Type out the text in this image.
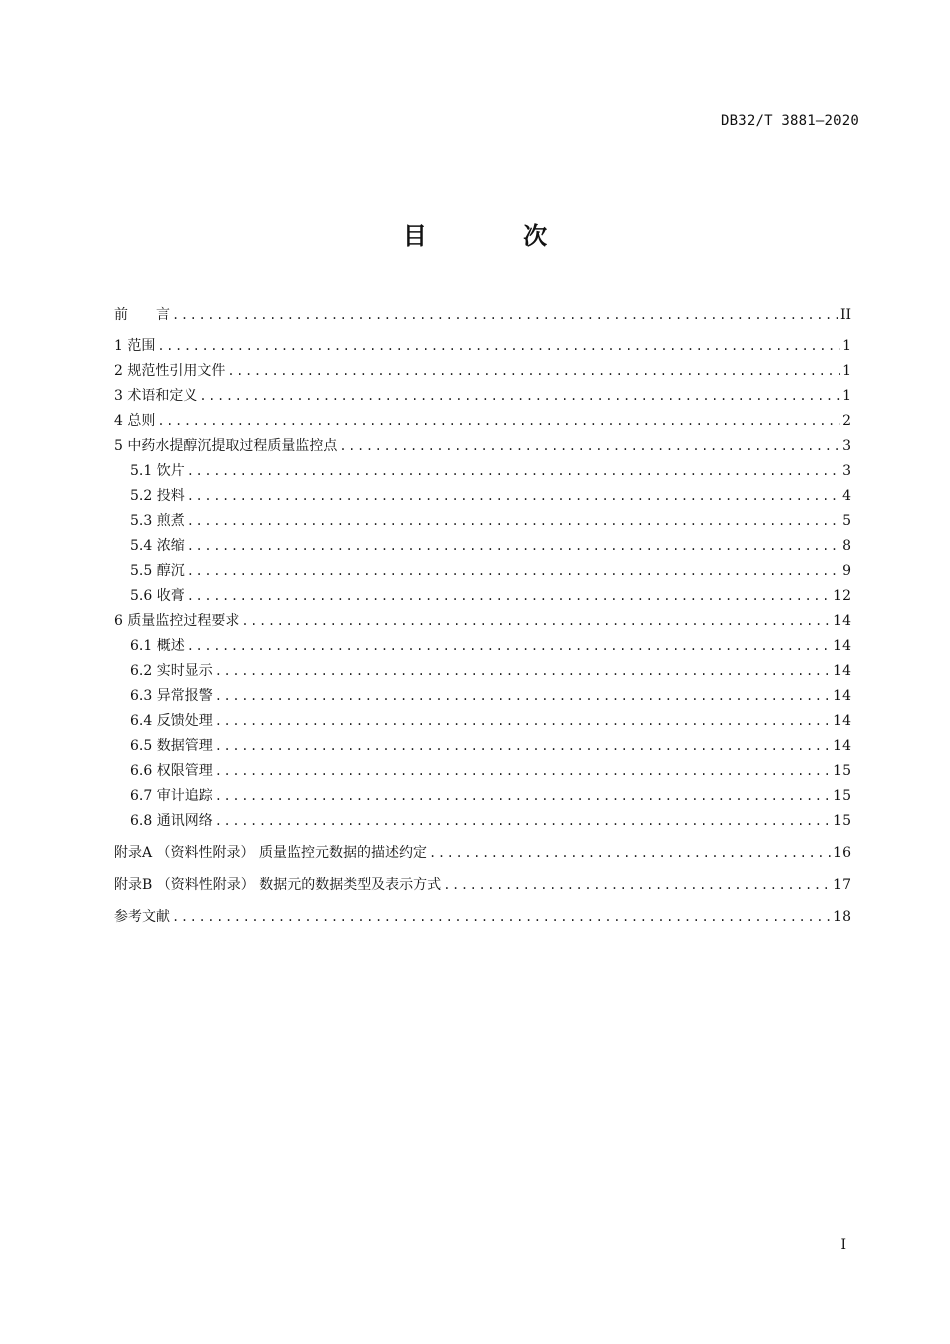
DB32/T 3881—2020
目 次
前　　言 .....	II
1 范围 .....	1
2 规范性引用文件 .....	1
3 术语和定义 .....	1
4 总则 .....	2
5 中药水提醇沉提取过程质量监控点 .....	3
5.1 饮片 .....	3
5.2 投料 .....	4
5.3 煎煮 .....	5
5.4 浓缩 .....	8
5.5 醇沉 .....	9
5.6 收膏 .....	12
6 质量监控过程要求 .....	14
6.1 概述 .....	14
6.2 实时显示 .....	14
6.3 异常报警 .....	14
6.4 反馈处理 .....	14
6.5 数据管理 .....	14
6.6 权限管理 .....	15
6.7 审计追踪 .....	15
6.8 通讯网络 .....	15
附录A （资料性附录） 质量监控元数据的描述约定 .....	16
附录B （资料性附录） 数据元的数据类型及表示方式 .....	17
参考文献 .....	18
I
